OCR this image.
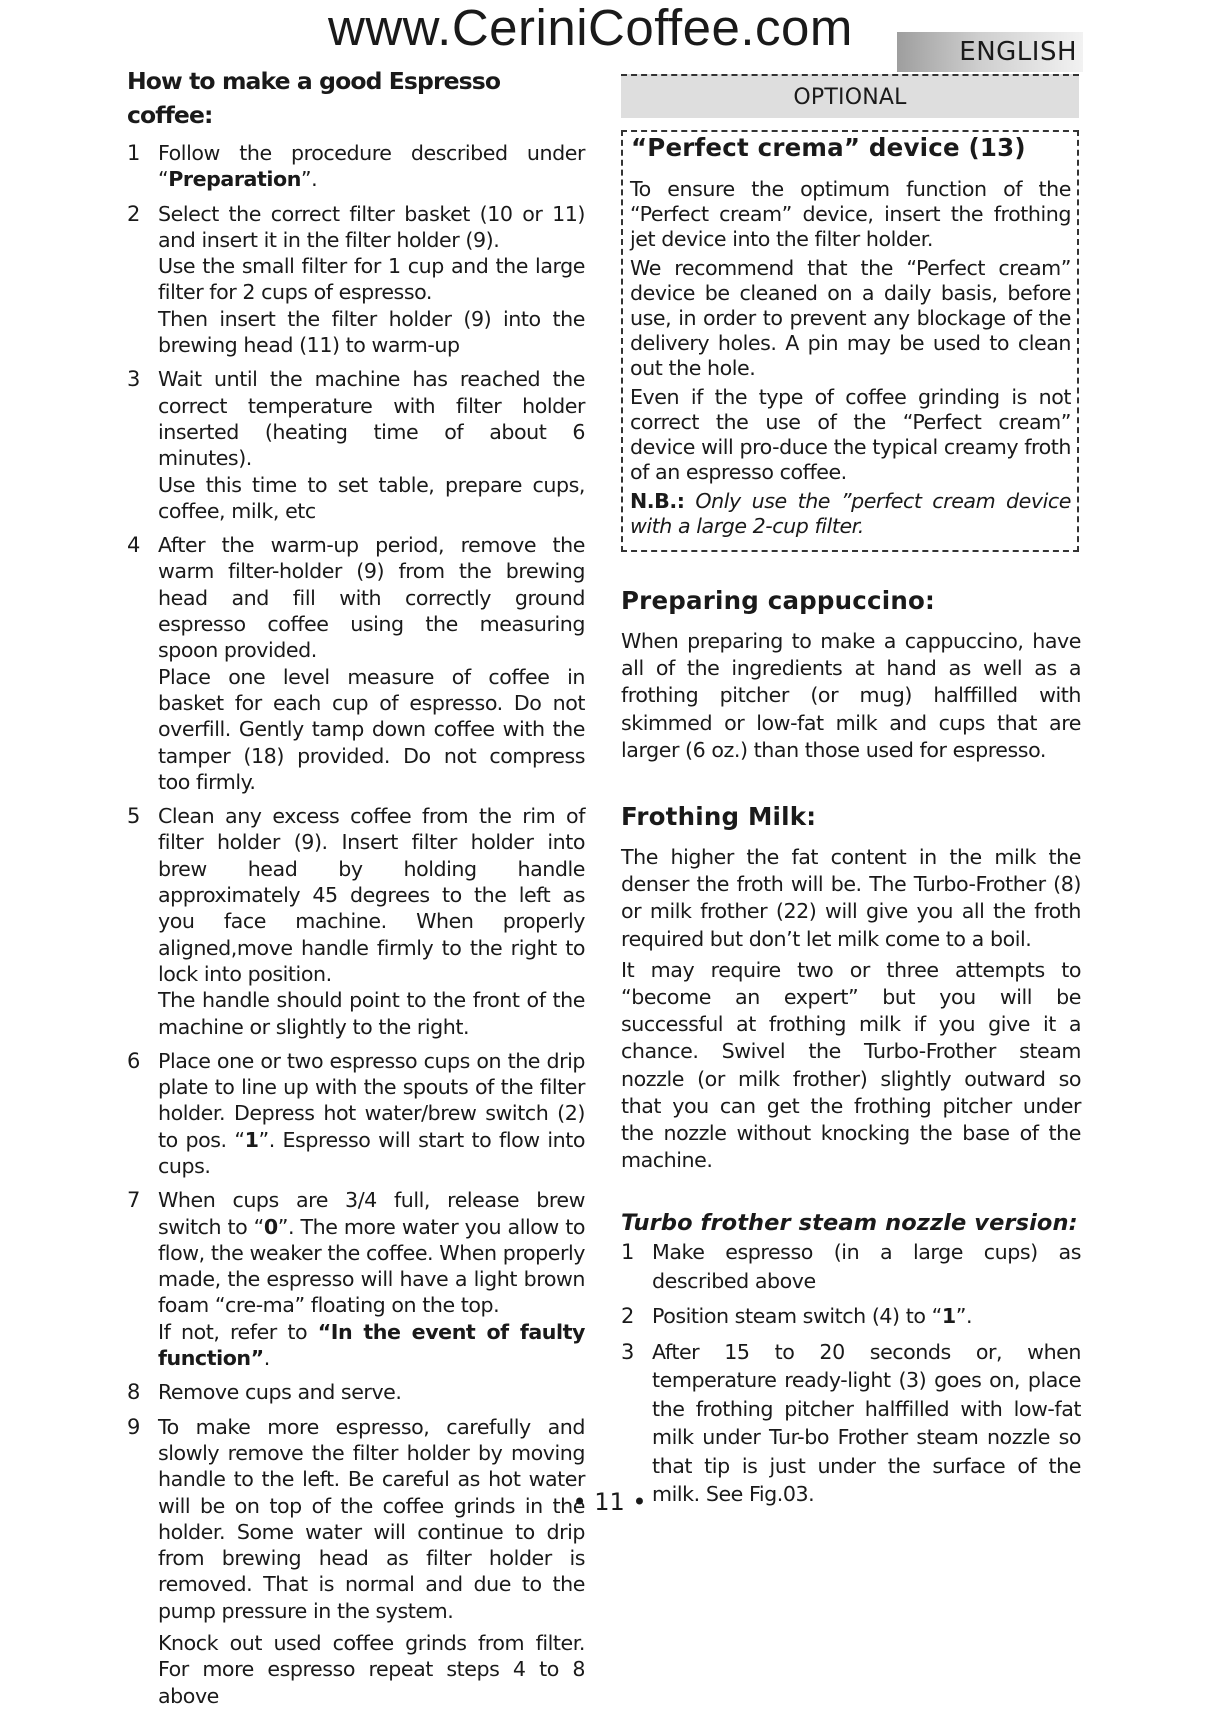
www.CeriniCoffee.com	ENGLISH
How to make a good Espresso coffee:
1 Follow the procedure described under “Preparation”.

2 Select the correct filter basket (10 or 11) and insert it in the filter holder (9).

Use the small filter for 1 cup and the large filter for 2 cups of espresso.

Then insert the filter holder (9) into the brewing head (11) to warm-up

3 Wait until the machine has reached the correct temperature with filter holder inserted (heating time of about 6 minutes).

Use this time to set table, prepare cups, coffee, milk, etc

4 After the warm-up period, remove the warm filter-holder (9) from the brewing head and fill with correctly ground espresso coffee using the measuring spoon provided.

Place one level measure of coffee in basket for each cup of espresso. Do not overfill. Gently tamp down coffee with the tamper (18) provided. Do not compress too firmly.

5 Clean any excess coffee from the rim of filter holder (9). Insert filter holder into brew head by holding handle approximately 45 degrees to the left as you face machine. When properly aligned,move handle firmly to the right to lock into position.

The handle should point to the front of the machine or slightly to the right.

6 Place one or two espresso cups on the drip plate to line up with the spouts of the filter holder. Depress hot water/brew switch (2) to pos. “1”. Espresso will start to flow into cups.

7 When cups are 3/4 full, release brew switch to “0”. The more water you allow to flow, the weaker the coffee. When properly made, the espresso will have a light brown foam “cre-ma” floating on the top.

If not, refer to “In the event of faulty function”.

8 Remove cups and serve.

9 To make more espresso, carefully and slowly remove the filter holder by moving handle to the left. Be careful as hot water will be on top of the coffee grinds in the holder. Some water will continue to drip from brewing head as filter holder is removed. That is normal and due to the pump pressure in the system.

Knock out used coffee grinds from filter. For more espresso repeat steps 4 to 8 above

OPTIONAL
“Perfect crema” device (13)

To ensure the optimum function of the “Perfect cream” device, insert the frothing jet device into the filter holder.

We recommend that the “Perfect cream” device be cleaned on a daily basis, before use, in order to prevent any blockage of the delivery holes. A pin may be used to clean out the hole.

Even if the type of coffee grinding is not correct the use of the “Perfect cream” device will pro-duce the typical creamy froth of an espresso coffee.

N.B.: Only use the ”perfect cream device with a large 2-cup filter.

Preparing cappuccino:

When preparing to make a cappuccino, have all of the ingredients at hand as well as a frothing pitcher (or mug) halffilled with skimmed or low-fat milk and cups that are larger (6 oz.) than those used for espresso.

Frothing Milk:

The higher the fat content in the milk the denser the froth will be. The Turbo-Frother (8) or milk frother (22) will give you all the froth required but don’t let milk come to a boil.

It may require two or three attempts to “become an expert” but you will be successful at frothing milk if you give it a chance. Swivel the Turbo-Frother steam nozzle (or milk frother) slightly outward so that you can get the frothing pitcher under the nozzle without knocking the base of the machine.

Turbo frother steam nozzle version:
1 Make espresso (in a large cups) as described above

2 Position steam switch (4) to “1”.

3 After 15 to 20 seconds or, when temperature ready-light (3) goes on, place the frothing pitcher halffilled with low-fat milk under Tur-bo Frother steam nozzle so that tip is just under the surface of the milk. See Fig.03.

• 11 •
